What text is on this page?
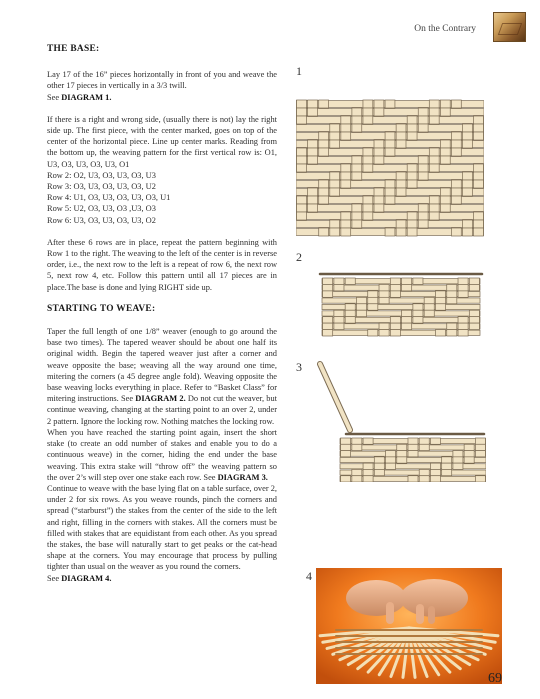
On the Contrary

THE BASE:

Lay 17 of the 16” pieces horizontally in front of you and weave the other 17 pieces in vertically in a 3/3 twill.
See DIAGRAM 1.

If there is a right and wrong side, (usually there is not) lay the right side up. The first piece, with the center marked, goes on top of the center of the horizontal piece. Line up center marks. Reading from the bottom up, the weaving pattern for the first vertical row is: O1, U3, O3, U3, O3, U3, O1

Row 2: O2, U3, O3, U3, O3, U3

Row 3: O3, U3, O3, U3, O3, U2

Row 4: U1, O3, U3, O3, U3, O3, U1

Row 5: U2, O3, U3, O3 ,U3, O3

Row 6: U3, O3, U3, O3, U3, O2

After these 6 rows are in place, repeat the pattern beginning with Row 1 to the right. The weaving to the left of the center is in reverse order, i.e., the next row to the left is a repeat of row 6, the next row 5, next row 4, etc. Follow this pattern until all 17 pieces are in place.The base is done and lying RIGHT side up.

STARTING TO WEAVE:

Taper the full length of one 1/8” weaver (enough to go around the base two times). The tapered weaver should be about one half its original width. Begin the tapered weaver just after a corner and weave opposite the base; weaving all the way around one time, mitering the corners (a 45 degree angle fold). Weaving opposite the base weaving locks everything in place. Refer to “Basket Class” for mitering instructions. See DIAGRAM 2. Do not cut the weaver, but continue weaving, changing at the starting point to an over 2, under 2 pattern. Ignore the locking row. Nothing matches the locking row.

When you have reached the starting point again, insert the short stake (to create an odd number of stakes and enable you to do a continuous weave) in the corner, hiding the end under the base weaving. This extra stake will “throw off” the weaving pattern so the over 2’s will step over one stake each row. See DIAGRAM 3.

Continue to weave with the base lying flat on a table surface, over 2, under 2 for six rows. As you weave rounds, pinch the corners and spread (“starburst”) the stakes from the center of the side to the left and right, filling in the corners with stakes. All the corners must be filled with stakes that are equidistant from each other. As you spread the stakes, the base will naturally start to get peaks or the cat-head shape at the corners. You may encourage that process by pulling tighter than usual on the weaver as you round the corners.

See DIAGRAM 4.

1
2
3
4
69
